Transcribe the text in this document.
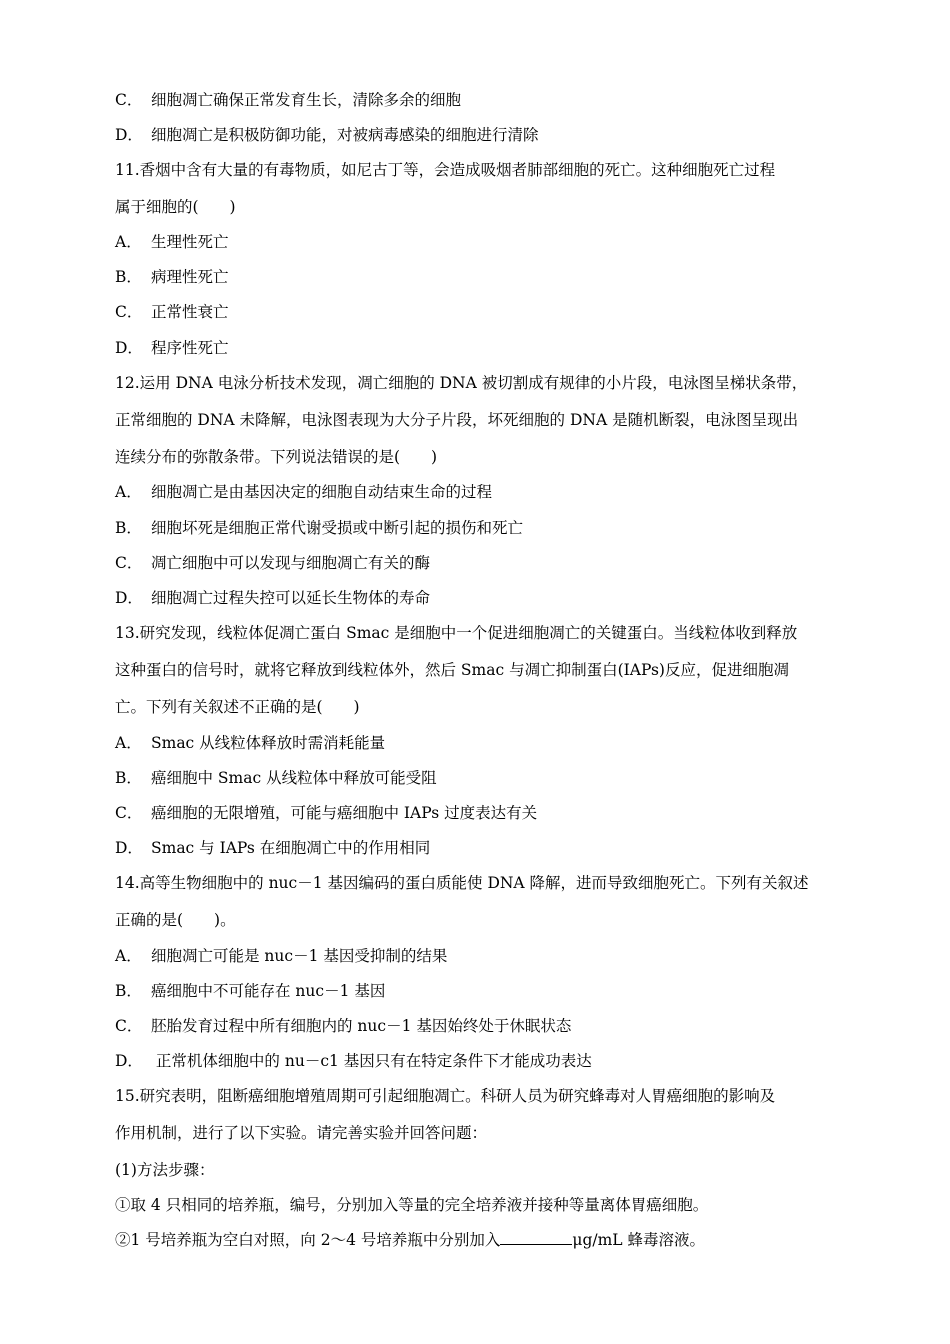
C． 细胞凋亡确保正常发育生长，清除多余的细胞
D． 细胞凋亡是积极防御功能，对被病毒感染的细胞进行清除
11.香烟中含有大量的有毒物质，如尼古丁等，会造成吸烟者肺部细胞的死亡。这种细胞死亡过程
属于细胞的(　　)
A． 生理性死亡
B． 病理性死亡
C． 正常性衰亡
D． 程序性死亡
12.运用 DNA 电泳分析技术发现，凋亡细胞的 DNA 被切割成有规律的小片段，电泳图呈梯状条带，
正常细胞的 DNA 未降解，电泳图表现为大分子片段，坏死细胞的 DNA 是随机断裂，电泳图呈现出
连续分布的弥散条带。下列说法错误的是(　　)
A． 细胞凋亡是由基因决定的细胞自动结束生命的过程
B． 细胞坏死是细胞正常代谢受损或中断引起的损伤和死亡
C． 凋亡细胞中可以发现与细胞凋亡有关的酶
D． 细胞凋亡过程失控可以延长生物体的寿命
13.研究发现，线粒体促凋亡蛋白 Smac 是细胞中一个促进细胞凋亡的关键蛋白。当线粒体收到释放
这种蛋白的信号时，就将它释放到线粒体外，然后 Smac 与凋亡抑制蛋白(IAPs)反应，促进细胞凋
亡。下列有关叙述不正确的是(　　)
A． Smac 从线粒体释放时需消耗能量
B． 癌细胞中 Smac 从线粒体中释放可能受阻
C． 癌细胞的无限增殖，可能与癌细胞中 IAPs 过度表达有关
D． Smac 与 IAPs 在细胞凋亡中的作用相同
14.高等生物细胞中的 nuc－1 基因编码的蛋白质能使 DNA 降解，进而导致细胞死亡。下列有关叙述
正确的是(　　)。
A． 细胞凋亡可能是 nuc－1 基因受抑制的结果
B． 癌细胞中不可能存在 nuc－1 基因
C． 胚胎发育过程中所有细胞内的 nuc－1 基因始终处于休眠状态
D． 正常机体细胞中的 nu－c1 基因只有在特定条件下才能成功表达
15.研究表明，阻断癌细胞增殖周期可引起细胞凋亡。科研人员为研究蜂毒对人胃癌细胞的影响及
作用机制，进行了以下实验。请完善实验并回答问题：
(1)方法步骤：
①取 4 只相同的培养瓶，编号，分别加入等量的完全培养液并接种等量离体胃癌细胞。
②1 号培养瓶为空白对照，向 2～4 号培养瓶中分别加入	μg/mL 蜂毒溶液。
